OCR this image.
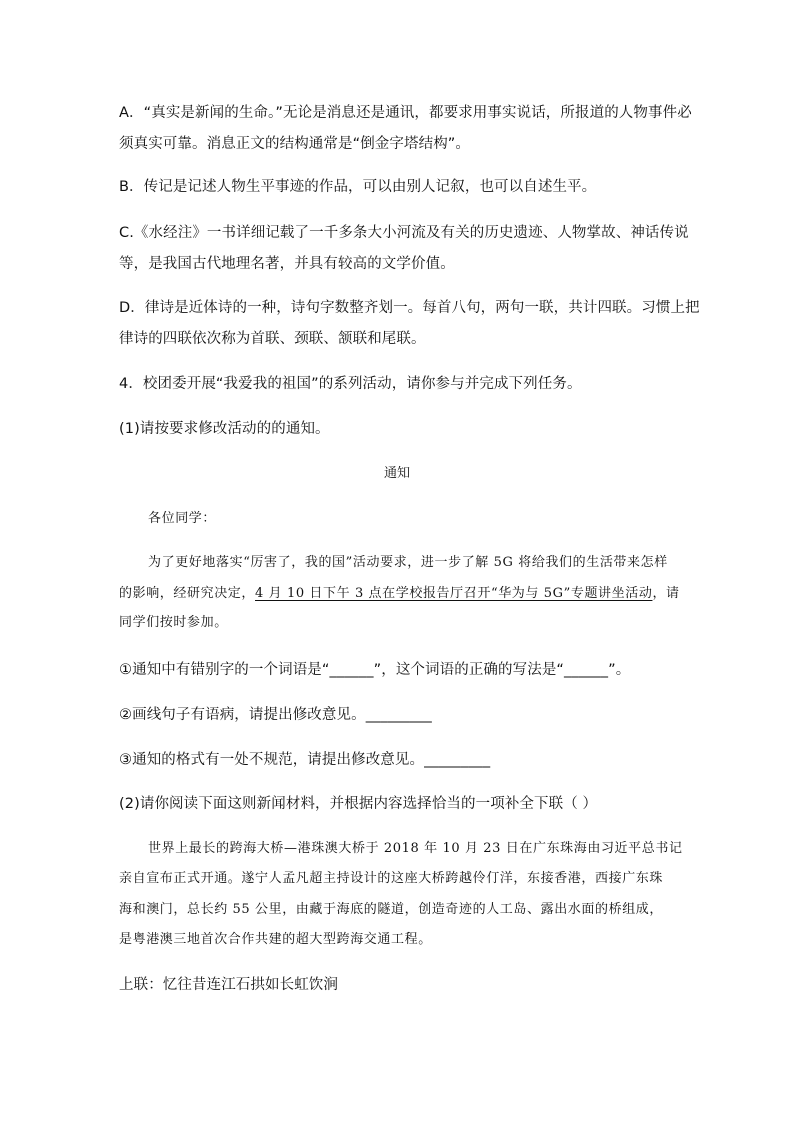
A．“真实是新闻的生命。”无论是消息还是通讯，都要求用事实说话，所报道的人物事件必
须真实可靠。消息正文的结构通常是“倒金字塔结构”。
B．传记是记述人物生平事迹的作品，可以由别人记叙，也可以自述生平。
C.《水经注》一书详细记载了一千多条大小河流及有关的历史遗迹、人物掌故、神话传说
等，是我国古代地理名著，并具有较高的文学价值。
D．律诗是近体诗的一种，诗句字数整齐划一。每首八句，两句一联，共计四联。习惯上把
律诗的四联依次称为首联、颈联、颔联和尾联。
4．校团委开展“我爱我的祖国”的系列活动，请你参与并完成下列任务。
(1)请按要求修改活动的的通知。
通知
各位同学：
为了更好地落实“厉害了，我的国”活动要求，进一步了解 5G 将给我们的生活带来怎样
的影响，经研究决定，4 月 10 日下午 3 点在学校报告厅召开“华为与 5G”专题讲坐活动，请
同学们按时参加。
①通知中有错别字的一个词语是“______”，这个词语的正确的写法是“______”。
②画线句子有语病，请提出修改意见。_________
③通知的格式有一处不规范，请提出修改意见。_________
(2)请你阅读下面这则新闻材料，并根据内容选择恰当的一项补全下联（ ）
世界上最长的跨海大桥—港珠澳大桥于 2018 年 10 月 23 日在广东珠海由习近平总书记
亲自宣布正式开通。遂宁人孟凡超主持设计的这座大桥跨越伶仃洋，东接香港，西接广东珠
海和澳门，总长约 55 公里，由藏于海底的隧道，创造奇迹的人工岛、露出水面的桥组成，
是粤港澳三地首次合作共建的超大型跨海交通工程。
上联：忆往昔连江石拱如长虹饮涧
